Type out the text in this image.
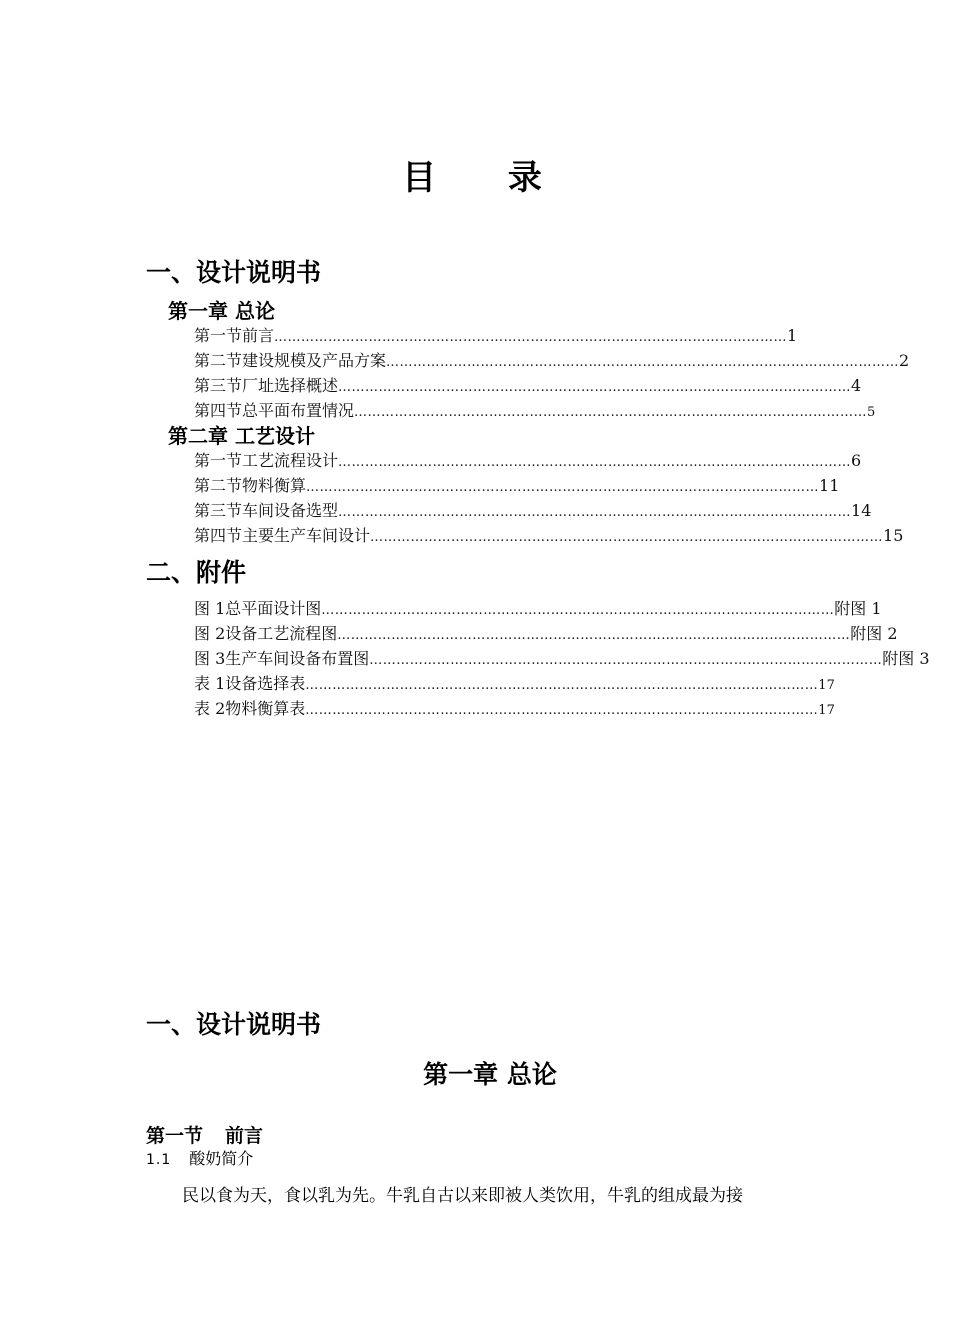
目 录
一、设计说明书
第一章 总论
第一节 前言 …………………………………………………………………………………………………… 1
第二节 建设规模及产品方案 …………………………………………………………………………………………………… 2
第三节 厂址选择概述 …………………………………………………………………………………………………… 4
第四节 总平面布置情况 …………………………………………………………………………………………………… 5
第二章 工艺设计
第一节 工艺流程设计 …………………………………………………………………………………………………… 6
第二节 物料衡算 …………………………………………………………………………………………………… 11
第三节 车间设备选型 …………………………………………………………………………………………………… 14
第四节 主要生产车间设计 …………………………………………………………………………………………………… 15
二、附件
图 1 总平面设计图 …………………………………………………………………………………………………… 附图 1
图 2 设备工艺流程图 …………………………………………………………………………………………………… 附图 2
图 3 生产车间设备布置图 …………………………………………………………………………………………………… 附图 3
表 1 设备选择表 …………………………………………………………………………………………………… 17
表 2 物料衡算表 …………………………………………………………………………………………………… 17
一、设计说明书
第一章 总论
第一节 前言
1.1 酸奶简介
民以食为天，食以乳为先。牛乳自古以来即被人类饮用，牛乳的组成最为接
